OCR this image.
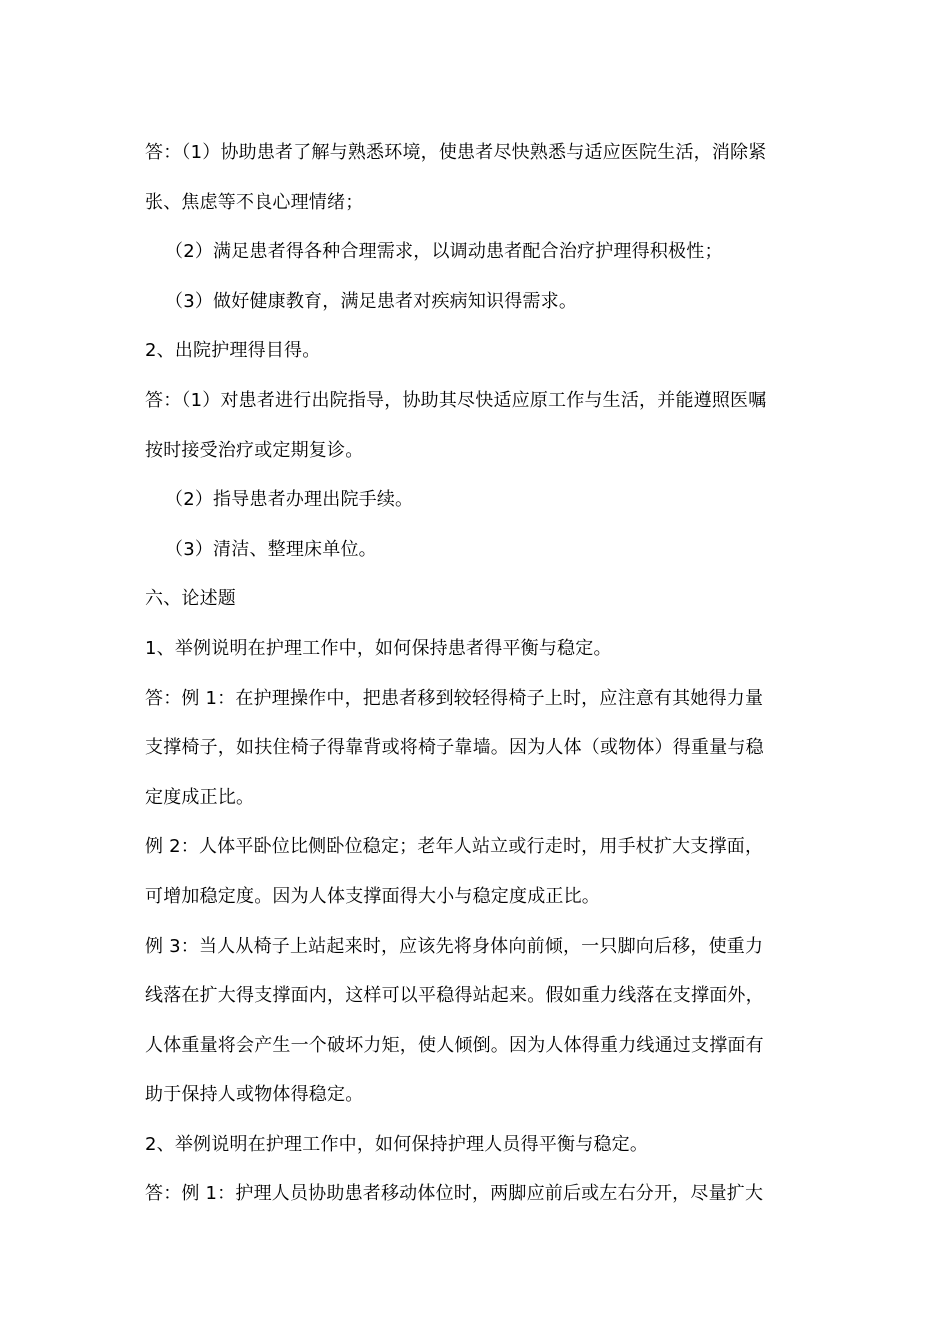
答：（1）协助患者了解与熟悉环境，使患者尽快熟悉与适应医院生活，消除紧
张、焦虑等不良心理情绪；
（2）满足患者得各种合理需求，以调动患者配合治疗护理得积极性；
（3）做好健康教育，满足患者对疾病知识得需求。
2、出院护理得目得。
答：（1）对患者进行出院指导，协助其尽快适应原工作与生活，并能遵照医嘱
按时接受治疗或定期复诊。
（2）指导患者办理出院手续。
（3）清洁、整理床单位。
六、论述题
1、举例说明在护理工作中，如何保持患者得平衡与稳定。
答：例 1：在护理操作中，把患者移到较轻得椅子上时，应注意有其她得力量
支撑椅子，如扶住椅子得靠背或将椅子靠墙。因为人体（或物体）得重量与稳
定度成正比。
例 2：人体平卧位比侧卧位稳定；老年人站立或行走时，用手杖扩大支撑面，
可增加稳定度。因为人体支撑面得大小与稳定度成正比。
例 3：当人从椅子上站起来时，应该先将身体向前倾，一只脚向后移，使重力
线落在扩大得支撑面内，这样可以平稳得站起来。假如重力线落在支撑面外，
人体重量将会产生一个破坏力矩，使人倾倒。因为人体得重力线通过支撑面有
助于保持人或物体得稳定。
2、举例说明在护理工作中，如何保持护理人员得平衡与稳定。
答：例 1：护理人员协助患者移动体位时，两脚应前后或左右分开，尽量扩大
